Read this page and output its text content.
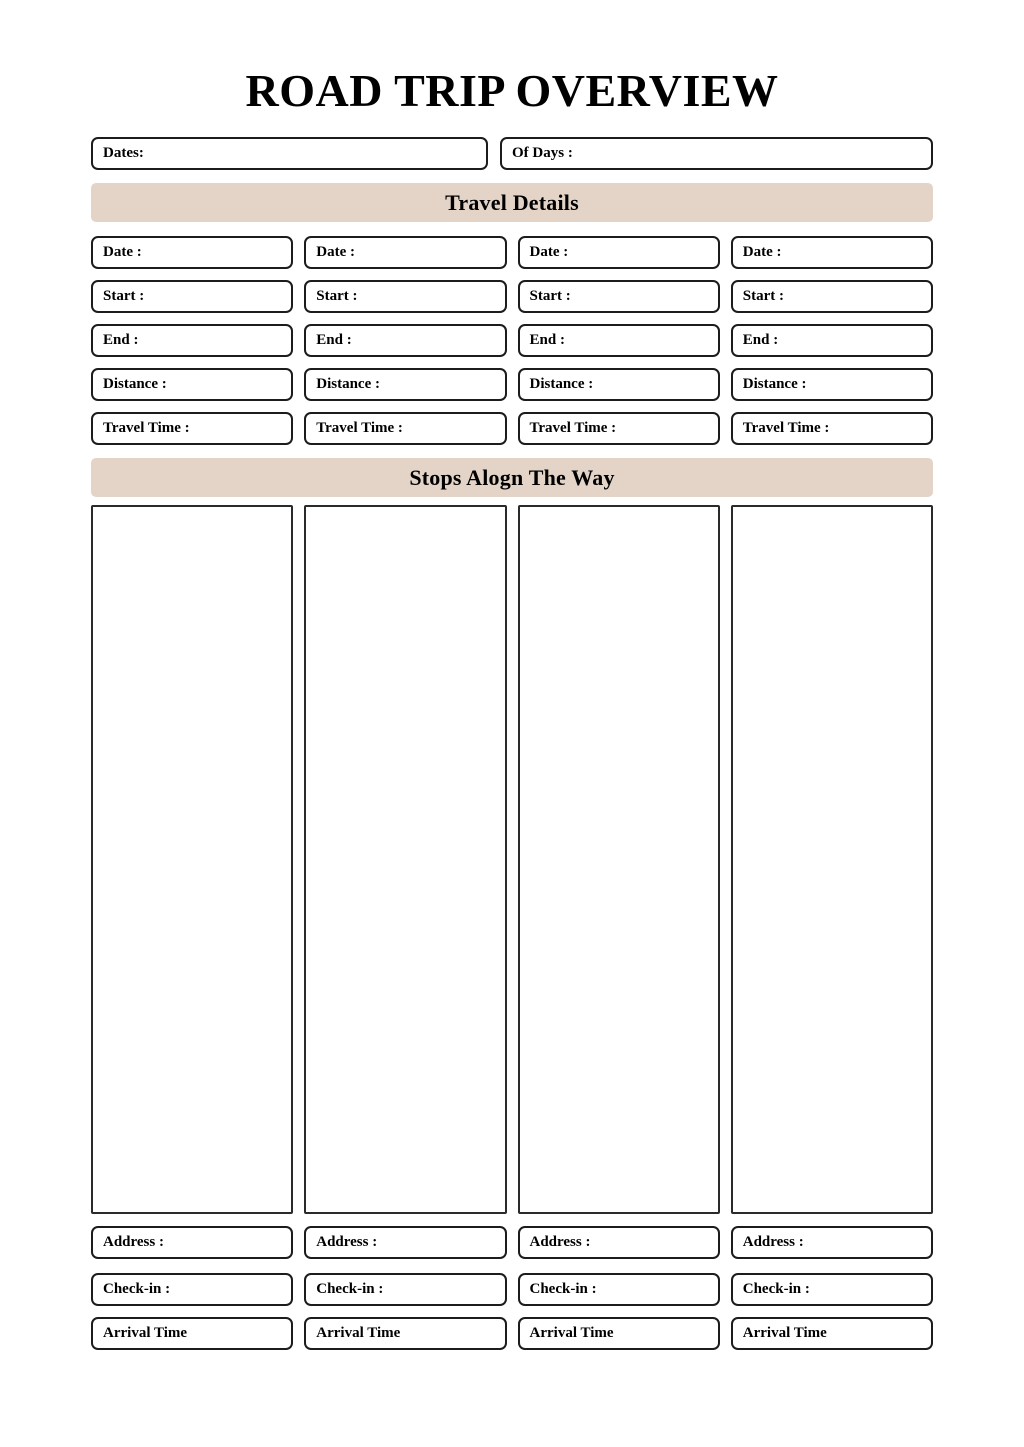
ROAD TRIP OVERVIEW
Dates:	Of Days :
Travel Details
Date :	Date :	Date :	Date :
Start :	Start :	Start :	Start :
End :	End :	End :	End :
Distance :	Distance :	Distance :	Distance :
Travel Time :	Travel Time :	Travel Time :	Travel Time :
Stops Alogn The Way
Address :	Address :	Address :	Address :
Check-in :	Check-in :	Check-in :	Check-in :
Arrival Time	Arrival Time	Arrival Time	Arrival Time
